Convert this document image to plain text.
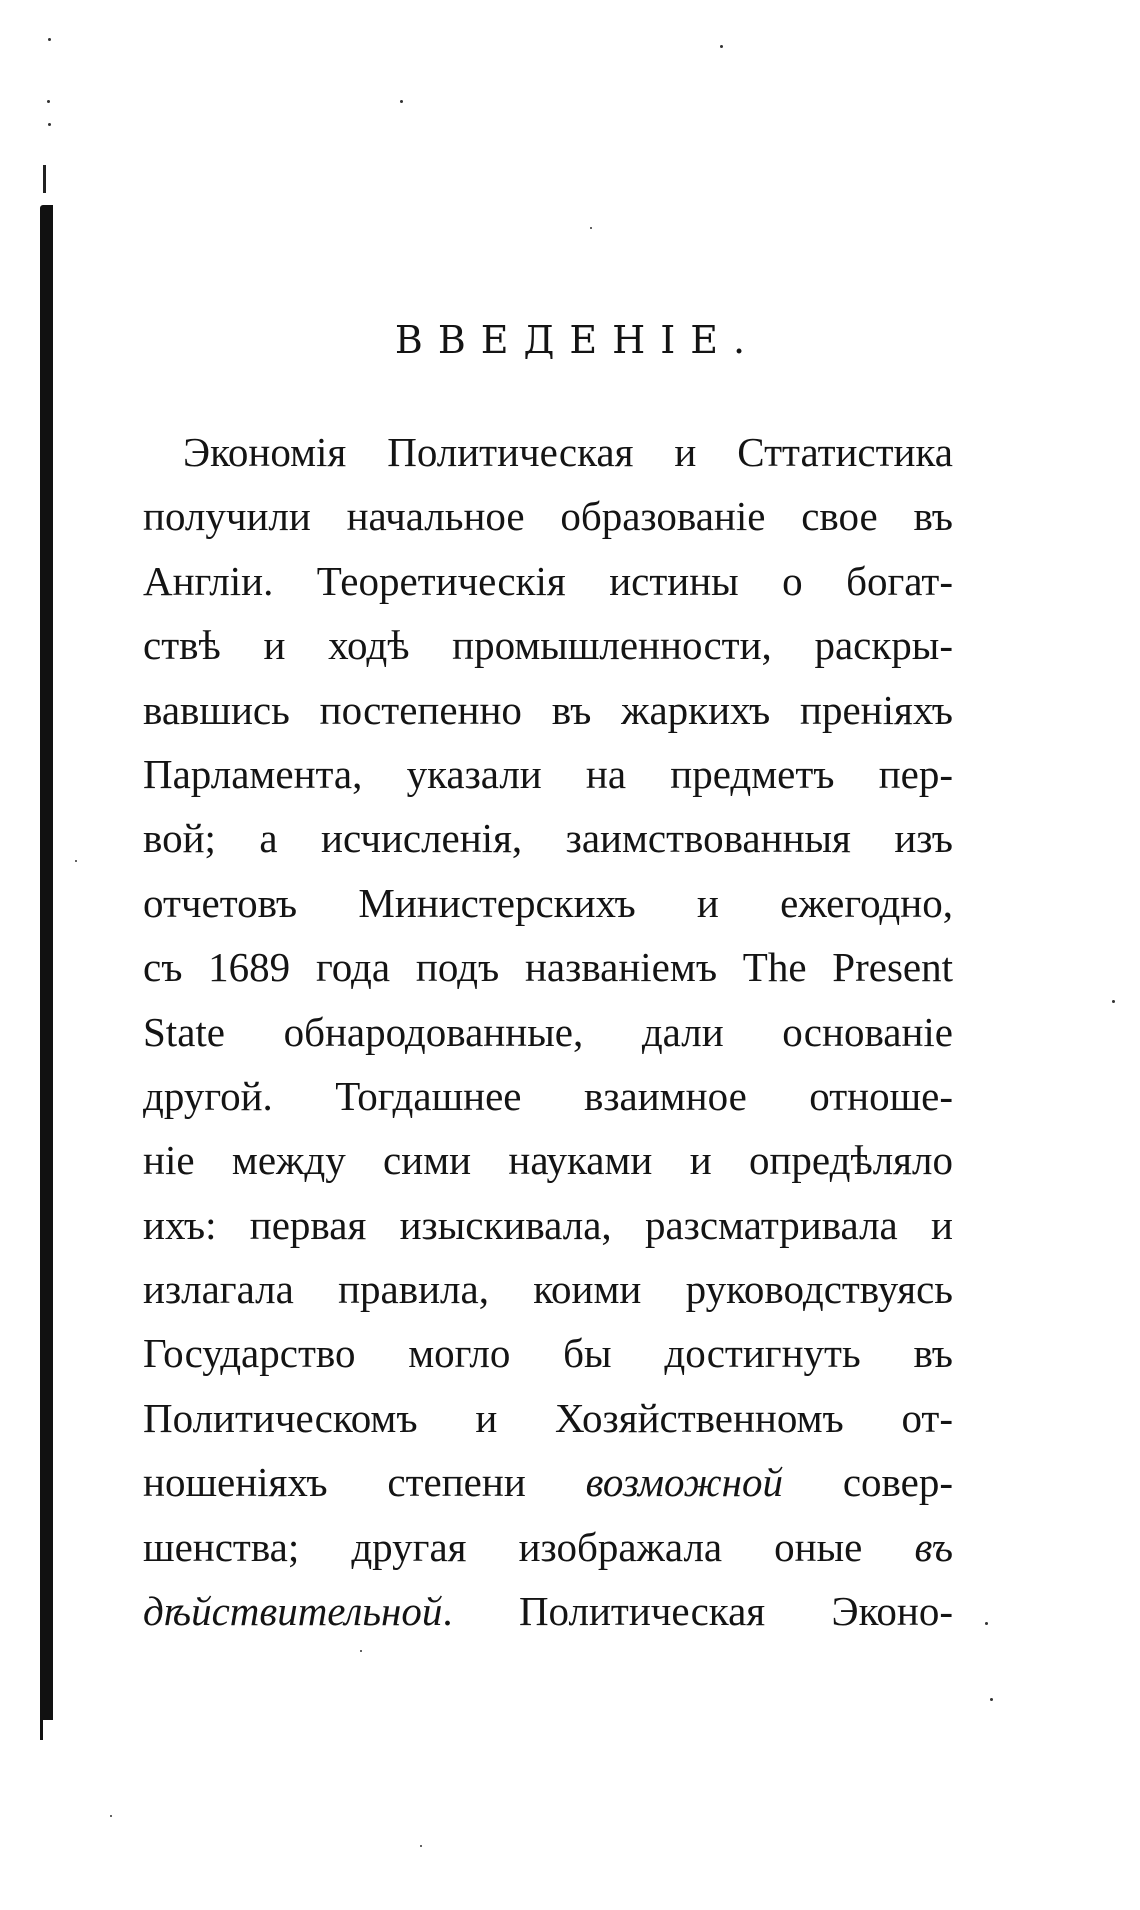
ВВЕДЕНІЕ.
Экономія Политическая и Сттатистика
получили начальное образованіе свое въ
Англіи. Теоретическія истины о богат-
ствѣ и ходѣ промышленности, раскры-
вавшись постепенно въ жаркихъ преніяхъ
Парламента, указали на предметъ пер-
вой; а исчисленія, заимствованныя изъ
отчетовъ Министерскихъ и ежегодно,
съ 1689 года подъ названіемъ The Present
State обнародованные, дали основаніе
другой. Тогдашнее взаимное отноше-
ніе между сими науками и опредѣляло
ихъ: первая изыскивала, разсматривала и
излагала правила, коими руководствуясь
Государство могло бы достигнуть въ
Политическомъ и Хозяйственномъ от-
ношеніяхъ степени возможной совер-
шенства; другая изображала оные въ
дѣйствительной. Политическая Эконо-
